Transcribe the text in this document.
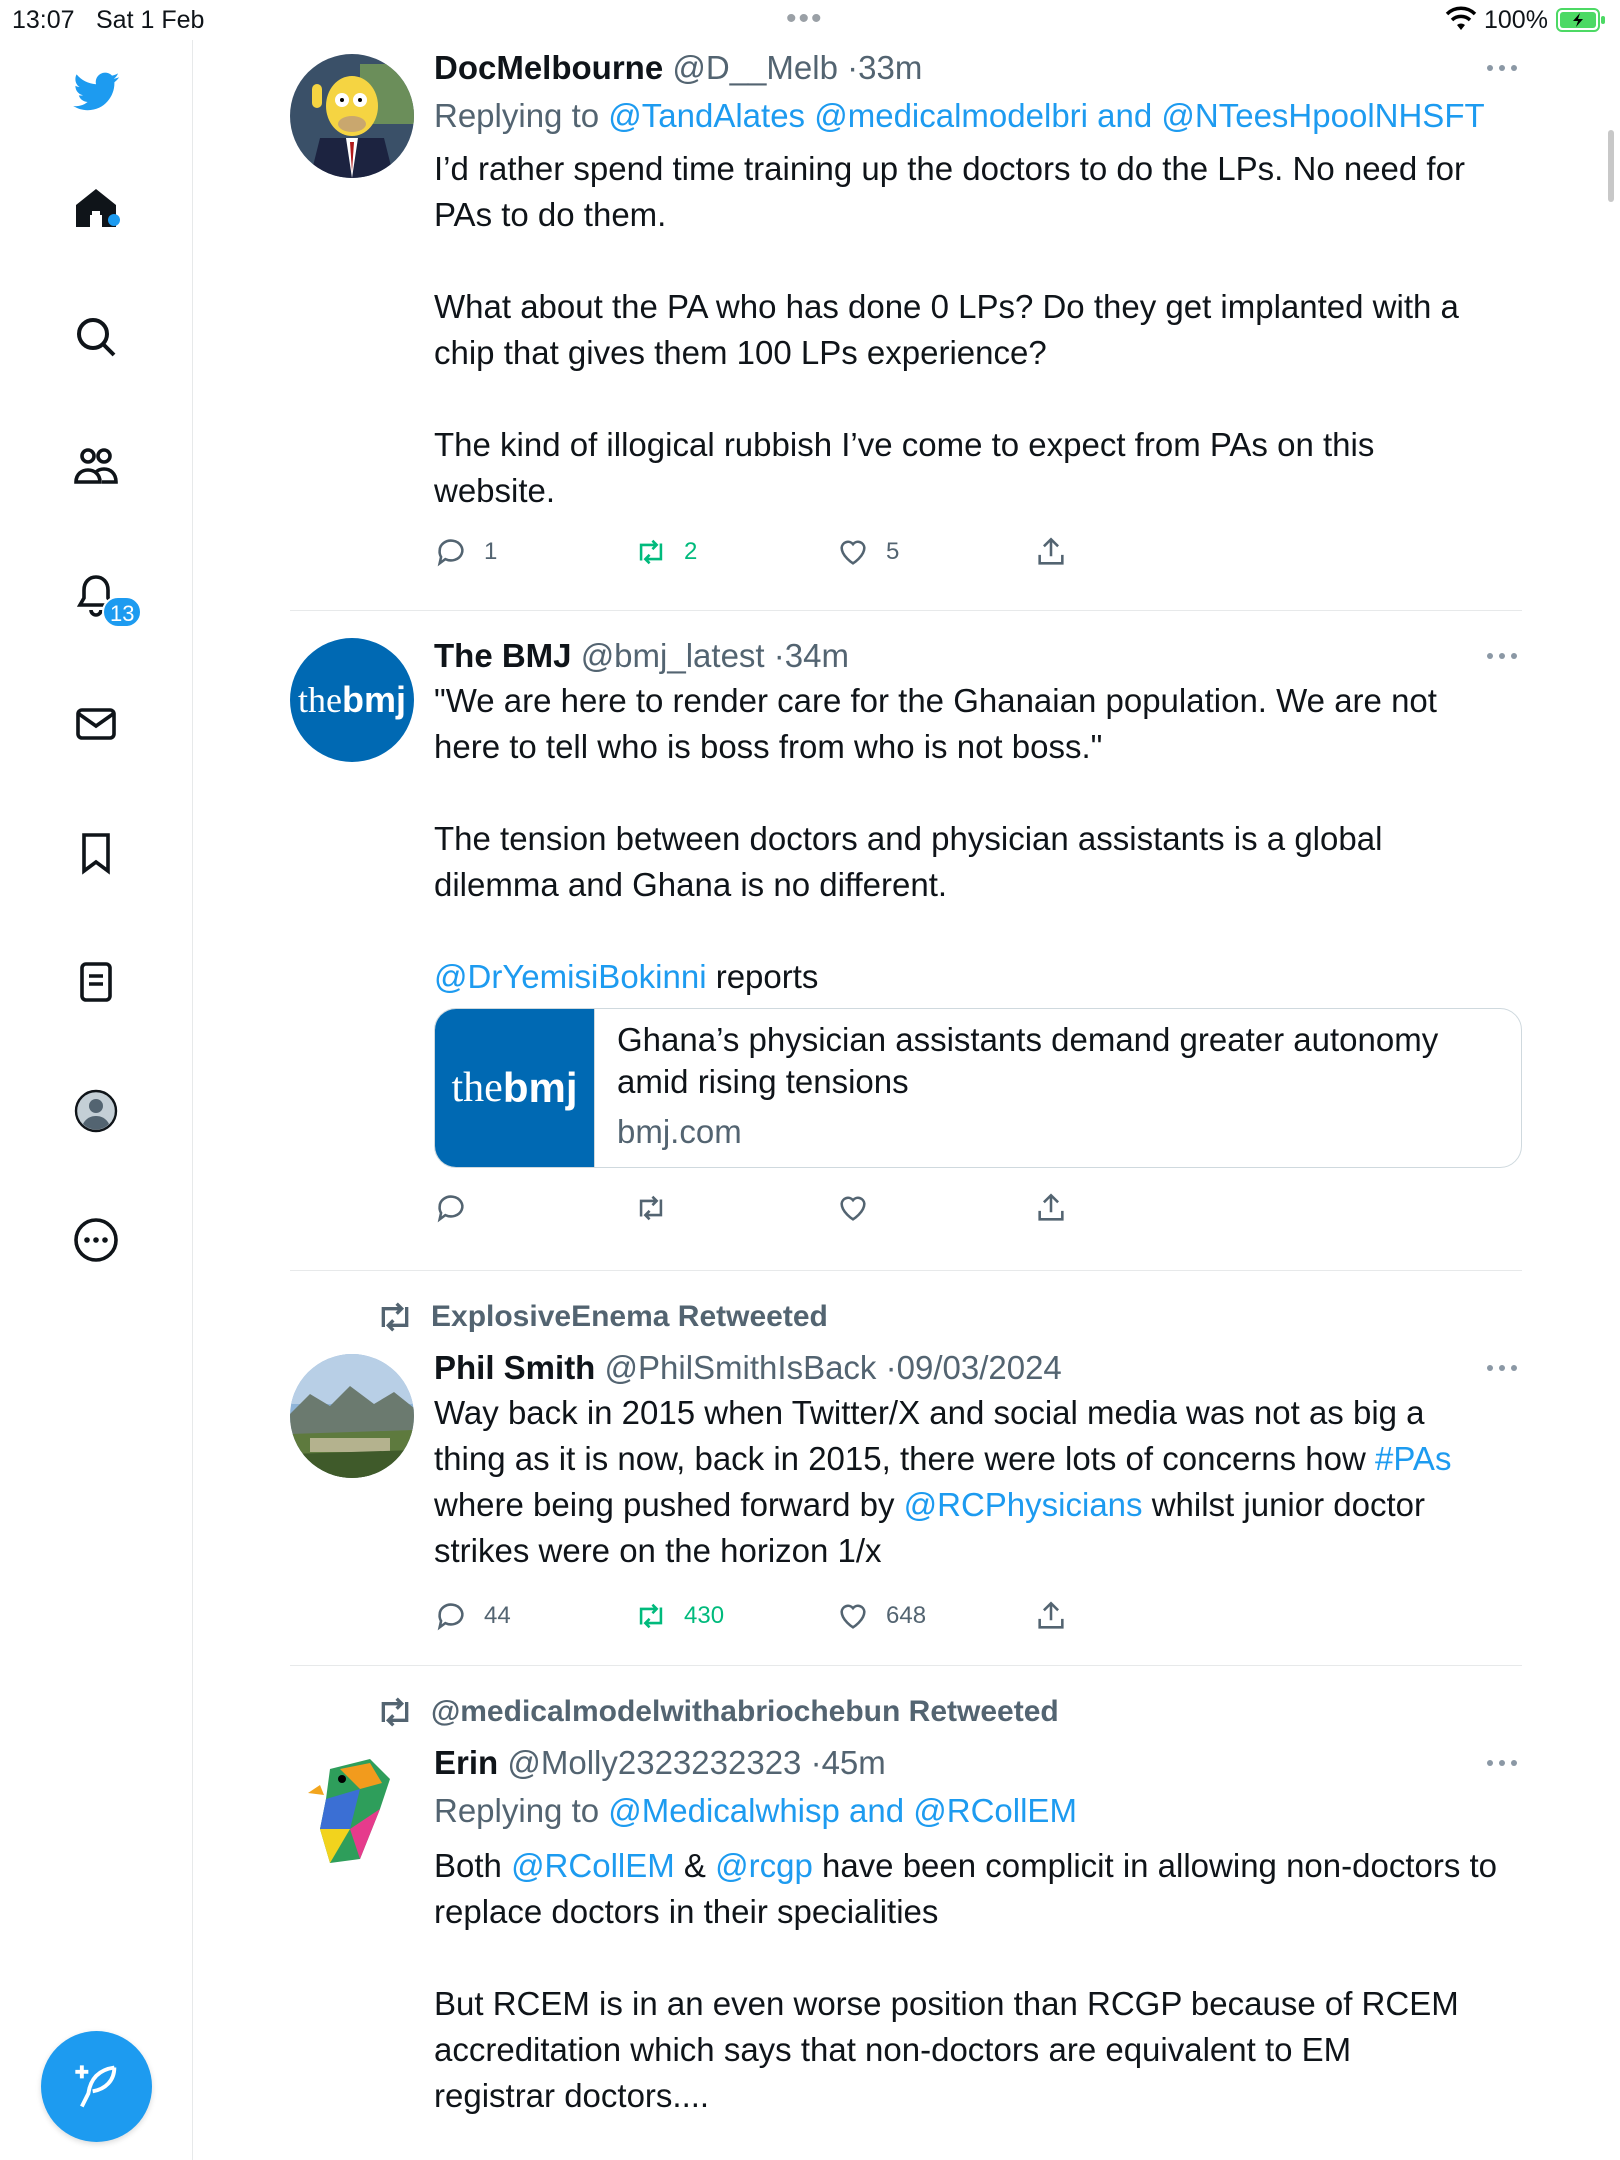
13:07 Sat 1 Feb	•••	100%
13
DocMelbourne @D__Melb ·33m
Replying to @TandAlates @medicalmodelbri and @NTeesHpoolNHSFT

I’d rather spend time training up the doctors to do the LPs. No need for

PAs to do them.

What about the PA who has done 0 LPs? Do they get implanted with a

chip that gives them 100 LPs experience?

The kind of illogical rubbish I’ve come to expect from PAs on this

website.

1	2	5
the bmj
The BMJ @bmj_latest ·34m

"We are here to render care for the Ghanaian population. We are not

here to tell who is boss from who is not boss."

The tension between doctors and physician assistants is a global

dilemma and Ghana is no different.

@DrYemisiBokinni reports

the bmj
Ghana’s physician assistants demand greater autonomy amid rising tensions
bmj.com
ExplosiveEnema Retweeted
Phil Smith @PhilSmithIsBack ·09/03/2024

Way back in 2015 when Twitter/X and social media was not as big a

thing as it is now, back in 2015, there were lots of concerns how #PAs

where being pushed forward by @RCPhysicians whilst junior doctor

strikes were on the horizon 1/x

44	430	648
@medicalmodelwithabriochebun Retweeted
Erin @Molly2323232323 ·45m
Replying to @Medicalwhisp and @RCollEM

Both @RCollEM & @rcgp have been complicit in allowing non-doctors to

replace doctors in their specialities

But RCEM is in an even worse position than RCGP because of RCEM

accreditation which says that non-doctors are equivalent to EM

registrar doctors....
